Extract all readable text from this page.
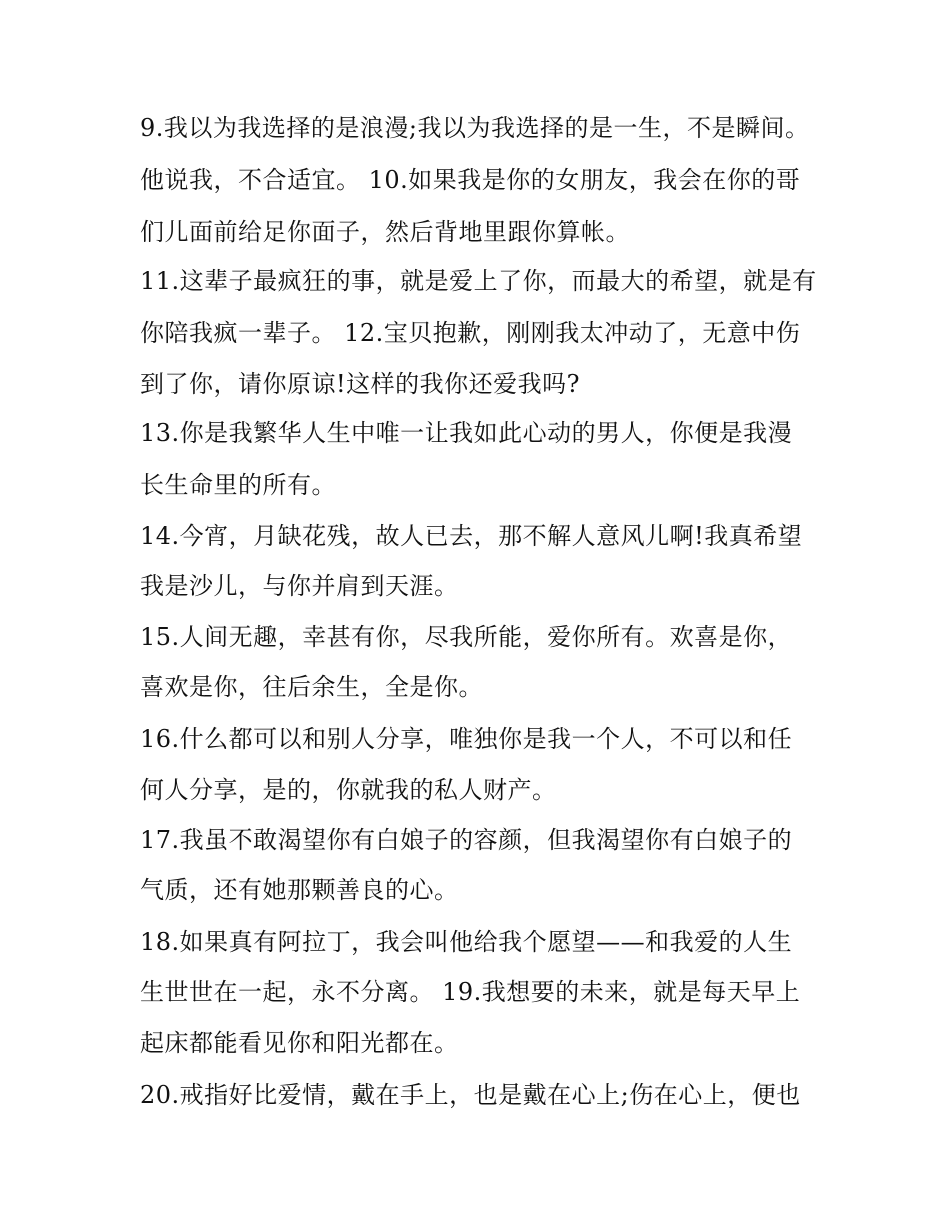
9.我以为我选择的是浪漫;我以为我选择的是一生，不是瞬间。
他说我，不合适宜。 10.如果我是你的女朋友，我会在你的哥
们儿面前给足你面子，然后背地里跟你算帐。
11.这辈子最疯狂的事，就是爱上了你，而最大的希望，就是有
你陪我疯一辈子。 12.宝贝抱歉，刚刚我太冲动了，无意中伤
到了你，请你原谅!这样的我你还爱我吗?
13.你是我繁华人生中唯一让我如此心动的男人，你便是我漫
长生命里的所有。
14.今宵，月缺花残，故人已去，那不解人意风儿啊!我真希望
我是沙儿，与你并肩到天涯。
15.人间无趣，幸甚有你，尽我所能，爱你所有。欢喜是你，
喜欢是你，往后余生，全是你。
16.什么都可以和别人分享，唯独你是我一个人，不可以和任
何人分享，是的，你就我的私人财产。
17.我虽不敢渴望你有白娘子的容颜，但我渴望你有白娘子的
气质，还有她那颗善良的心。
18.如果真有阿拉丁，我会叫他给我个愿望——和我爱的人生
生世世在一起，永不分离。 19.我想要的未来，就是每天早上
起床都能看见你和阳光都在。
20.戒指好比爱情，戴在手上，也是戴在心上;伤在心上，便也
